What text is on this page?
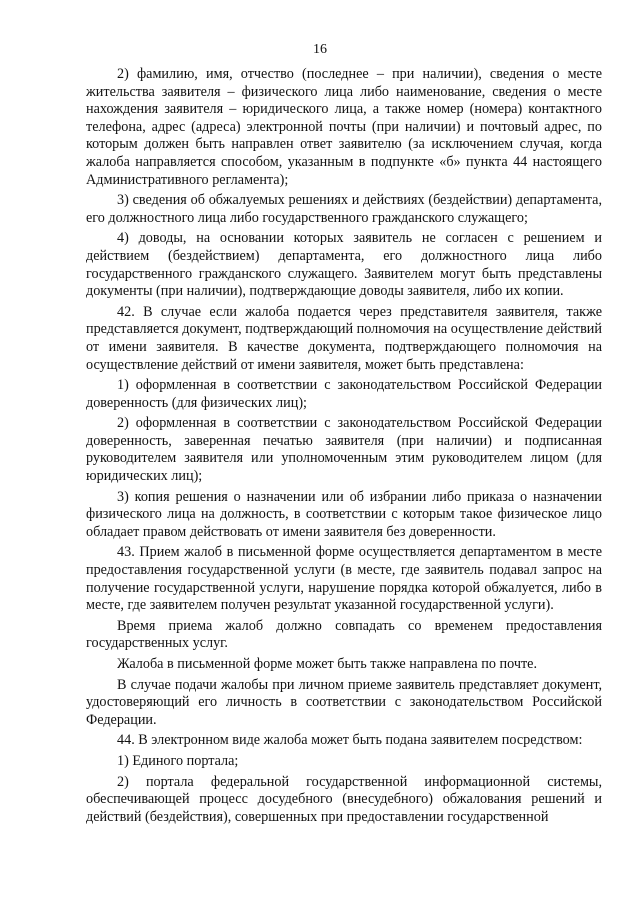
16

2) фамилию, имя, отчество (последнее – при наличии), сведения о месте жительства заявителя – физического лица либо наименование, сведения о месте нахождения заявителя – юридического лица, а также номер (номера) контактного телефона, адрес (адреса) электронной почты (при наличии) и почтовый адрес, по которым должен быть направлен ответ заявителю (за исключением случая, когда жалоба направляется способом, указанным в подпункте «б» пункта 44 настоящего Административного регламента);

3) сведения об обжалуемых решениях и действиях (бездействии) департамента, его должностного лица либо государственного гражданского служащего;

4) доводы, на основании которых заявитель не согласен с решением и действием (бездействием) департамента, его должностного лица либо государственного гражданского служащего. Заявителем могут быть представлены документы (при наличии), подтверждающие доводы заявителя, либо их копии.

42. В случае если жалоба подается через представителя заявителя, также представляется документ, подтверждающий полномочия на осуществление действий от имени заявителя. В качестве документа, подтверждающего полномочия на осуществление действий от имени заявителя, может быть представлена:

1) оформленная в соответствии с законодательством Российской Федерации доверенность (для физических лиц);

2) оформленная в соответствии с законодательством Российской Федерации доверенность, заверенная печатью заявителя (при наличии) и подписанная руководителем заявителя или уполномоченным этим руководителем лицом (для юридических лиц);

3) копия решения о назначении или об избрании либо приказа о назначении физического лица на должность, в соответствии с которым такое физическое лицо обладает правом действовать от имени заявителя без доверенности.

43. Прием жалоб в письменной форме осуществляется департаментом в месте предоставления государственной услуги (в месте, где заявитель подавал запрос на получение государственной услуги, нарушение порядка которой обжалуется, либо в месте, где заявителем получен результат указанной государственной услуги).

Время приема жалоб должно совпадать со временем предоставления государственных услуг.

Жалоба в письменной форме может быть также направлена по почте.

В случае подачи жалобы при личном приеме заявитель представляет документ, удостоверяющий его личность в соответствии с законодательством Российской Федерации.

44. В электронном виде жалоба может быть подана заявителем посредством:

1) Единого портала;

2) портала федеральной государственной информационной системы, обеспечивающей процесс досудебного (внесудебного) обжалования решений и действий (бездействия), совершенных при предоставлении государственной
